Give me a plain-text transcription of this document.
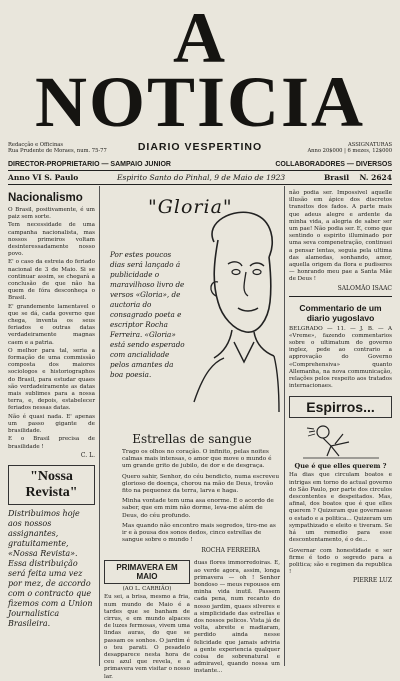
A NOTICIA
Redacção e Officinas
Rua Prudente de Moraes, num. 75-77	DIARIO VESPERTINO	ASSIGNATURAS
Anno 20$000 | 6 mezes, 12$000
DIRECTOR-PROPRIETARIO — SAMPAIO JUNIOR	COLLABORADORES — DIVERSOS
Anno VI S. Paulo	Espirito Santo do Pinhal, 9 de Maio de 1923	Brasil N. 2624
Nacionalismo

O Brasil, positivamente, é um paiz sem sorte.

Tem necessidade de uma campanha nacionalista, mas nossos primeiros voltam desinteressadamente nosso povo.

E' o caso da estreia do feriado nacional de 3 de Maio. Si se continuar assim, se chegará a conclusão de que não ha quem de fóra desconheça o Brasil.

E' grandemente lamentavel o que se dá, cada governo que chega, inventa os seus feriados e outras datas verdadeiramente magnas caem e a patria.

O melhor para tal, seria a formação de uma commissão composta dos maiores sociologos e historiographos do Brasil, para estudar quaes são verdadeiramente as datas mais sublimes para a nossa terra, e, depois, estabelecer feriados nessas datas.

Não é quasi nada. E' apenas um passo gigante de brasilidade.

E o Brasil precisa de brasilidade !

C. L.
"Nossa Revista"
Distribuimos hoje aos nossos assignantes, gratuitamente, «Nossa Revista». Essa distribuição será feita uma vez por mez, de accordo com o contracto que fizemos com a Union Journalistica Brasileira.
"Gloria"
Por estes poucos dias será lançado á publicidade o maravilhoso livro de versos «Gloria», de auctoria do consagrado poeta e escriptor Rocha Ferreira. «Gloria» está sendo esperado com ancialidade pelos amantes da boa poesia.
Estrellas de sangue
Trago os olhos no coração. O infinito, pelas noites calmas mais intensas, o amor que move o mundo é um grande grito de jubilo, de dor e de desgraça.
Quero sahir, Senhor, do céu bendicto, numa escreveu glorioso de doença, chorou na mão de Deus, trovão fito na pequenez da terra, larva e haga.
Minha vontade tem uma asa enorme. E o acordo de saber, que em mim não dorme, leva-me além de Deus, do céu profundo.
Mas quando não encontro mais segredos, tiro-me as ir e à pousa dos sonos dedos, cinco estrellas de sangue sobre o mundo !
ROCHA FERREIRA
PRIMAVERA EM MAIO
(AO L. CARRIÃO)
Eu sei, a brisa, mesmo a fria, num mundo de Maio é a tardes que se banham de cirrus, e em mundo alpaces de luzes fermosas, vivem uma lindas auras, do que se passam os sonhos. O jardim é o teu parati. O pesadelo desapparece nesta hora de ceu azul que revela, e a primavera vem visitar o nosso lar.
duas flores immorredoiras. E, ao verde agora, assim, longa primavera — oh ! Senhor bondoso — meus repousos em minha vida inutil. Passem cada pena, num recanto do nosso jardim, quaes silveres e a simplicidade das estrellas e dos nossos pelicos. Vista já de volta, abreite e madiaram, perdido ainda nesse felicidade que jamais adviria a gente experiencia qualquer coisa de sobrenatural e admiravel, quando nossa um instante...
não podia ser. Impossivel aquelle illusão em ápice dos discretos transitos dos fados. A parte mais que adeus alegre e ardente da minha vida, a alegria de saber ser um pae! Não podia ser. E, como que sentindo o espirito illuminado por uma seva compenetração, continuei a pensar lentas, seguia pela ultima das alamedas, sonhando, amor, aquella origem da flora e pudiseres — honrando meu pae a Santa Mãe de Deus !
SALOMÃO ISAAC
Commentario de um diario yugoslavo
BELGRADO — 11. — J. B. — A «Vreme», fazendo commentarios sobre o ultimatum do governo inglez, pede ao contrario a approvação do Governo «Comprehensiva» quanto Allemanha, na nova communicação, relações pelos respeito aos tratados internacionaes.
Espirros...
Que é que elles querem ?
Ha dias que circulam boatos e intrigas em torno do actual governo do São Paulo, por parte dos circulos descontentes e despeitados. Mas, afinal, dos boatos que é que elles querem ? Quizeram que governasse o estado e a politica... Quizeram um sympathizado e eleito e tiveram. Se há um remedio para esse descontentamento, é o de...
Governar com honestidade e ser firme é todo o segredo para a politica; são e regimen da republica !
PIERRE LUZ
